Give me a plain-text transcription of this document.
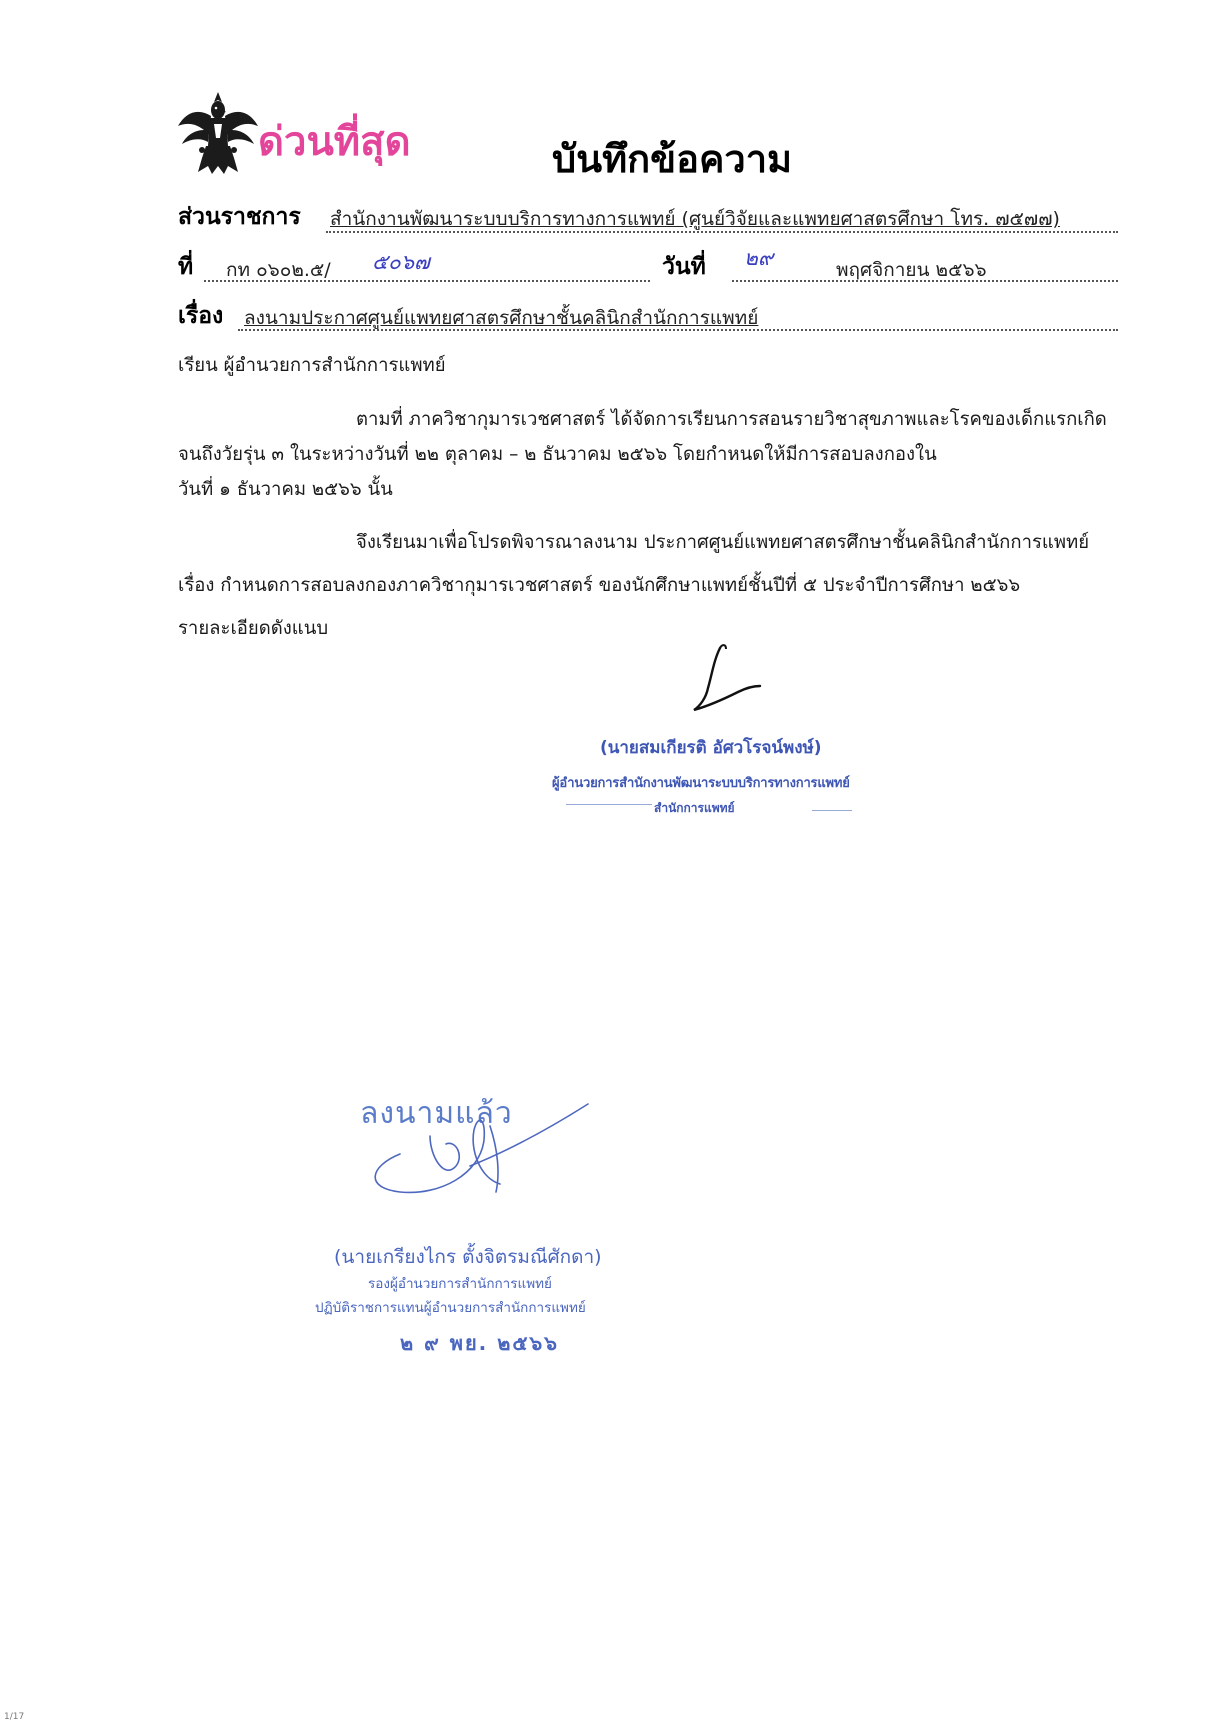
ด่วนที่สุด	บันทึกข้อความ
ส่วนราชการ สำนักงานพัฒนาระบบบริการทางการแพทย์ (ศูนย์วิจัยและแพทยศาสตรศึกษา โทร. ๗๕๗๗)
ที่ กท ๐๖๐๒.๕/ ๕๐๖๗	วันที่ ๒๙	พฤศจิกายน ๒๕๖๖
เรื่อง ลงนามประกาศศูนย์แพทยศาสตรศึกษาชั้นคลินิกสำนักการแพทย์
เรียน ผู้อำนวยการสำนักการแพทย์
ตามที่ ภาควิชากุมารเวชศาสตร์ ได้จัดการเรียนการสอนรายวิชาสุขภาพและโรคของเด็กแรกเกิด
จนถึงวัยรุ่น ๓ ในระหว่างวันที่ ๒๒ ตุลาคม – ๒ ธันวาคม ๒๕๖๖ โดยกำหนดให้มีการสอบลงกองใน
วันที่ ๑ ธันวาคม ๒๕๖๖ นั้น
จึงเรียนมาเพื่อโปรดพิจารณาลงนาม ประกาศศูนย์แพทยศาสตรศึกษาชั้นคลินิกสำนักการแพทย์
เรื่อง กำหนดการสอบลงกองภาควิชากุมารเวชศาสตร์ ของนักศึกษาแพทย์ชั้นปีที่ ๕ ประจำปีการศึกษา ๒๕๖๖
รายละเอียดดังแนบ
(นายสมเกียรติ อัศวโรจน์พงษ์)
ผู้อำนวยการสำนักงานพัฒนาระบบบริการทางการแพทย์
สำนักการแพทย์
ลงนามแล้ว
(นายเกรียงไกร ตั้งจิตรมณีศักดา)
รองผู้อำนวยการสำนักการแพทย์
ปฏิบัติราชการแทนผู้อำนวยการสำนักการแพทย์
๒ ๙ พย. ๒๕๖๖
1/17
